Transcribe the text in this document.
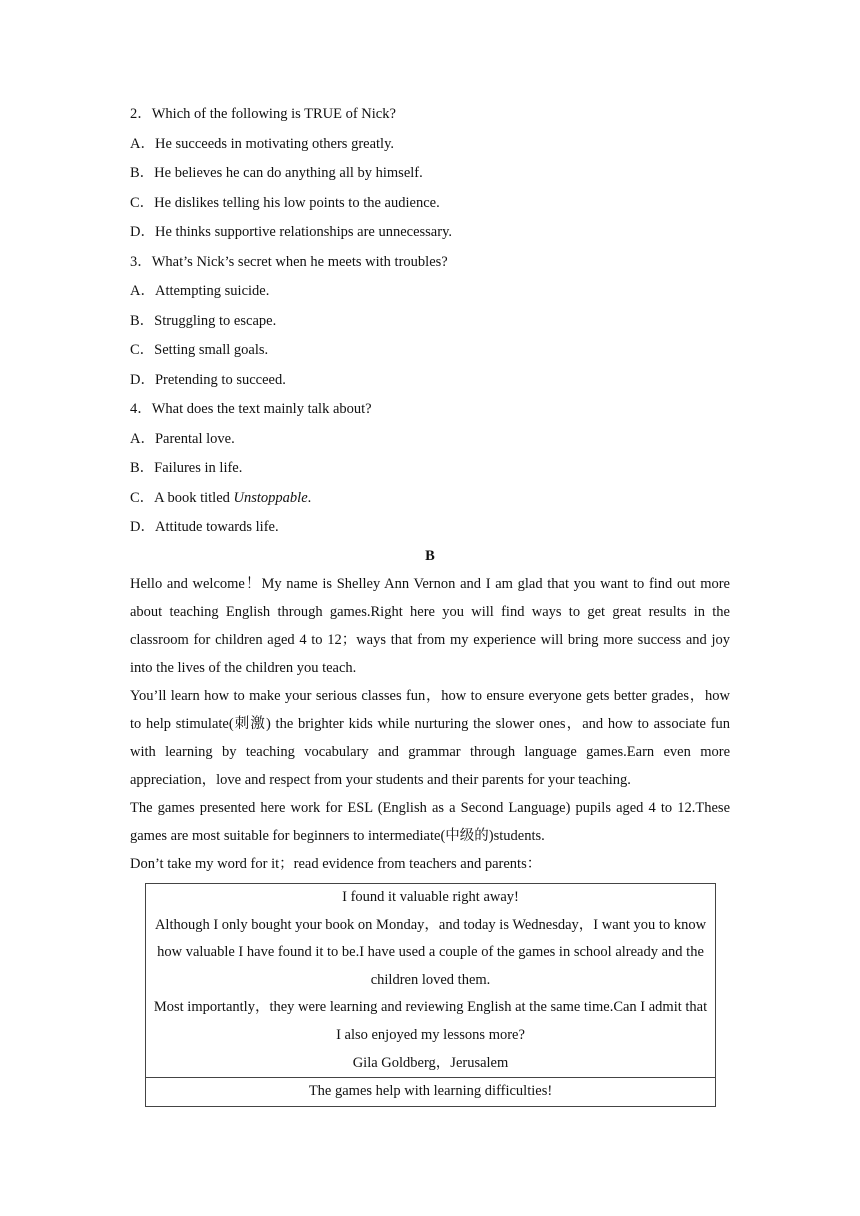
2．Which of the following is TRUE of Nick?
A．He succeeds in motivating others greatly.
B．He believes he can do anything all by himself.
C．He dislikes telling his low points to the audience.
D．He thinks supportive relationships are unnecessary.
3．What’s Nick’s secret when he meets with troubles?
A．Attempting suicide.
B．Struggling to escape.
C．Setting small goals.
D．Pretending to succeed.
4．What does the text mainly talk about?
A．Parental love.
B．Failures in life.
C．A book titled Unstoppable.
D．Attitude towards life.
B

Hello and welcome！My name is Shelley Ann Vernon and I am glad that you want to find out more about teaching English through games.Right here you will find ways to get great results in the classroom for children aged 4 to 12；ways that from my experience will bring more success and joy into the lives of the children you teach.

You’ll learn how to make your serious classes fun，how to ensure everyone gets better grades，how to help stimulate(刺激) the brighter kids while nurturing the slower ones，and how to associate fun with learning by teaching vocabulary and grammar through language games.Earn even more appreciation，love and respect from your students and their parents for your teaching.

The games presented here work for ESL (English as a Second Language) pupils aged 4 to 12.These games are most suitable for beginners to intermediate(中级的)students.

Don’t take my word for it；read evidence from teachers and parents：

I found it valuable right away!
Although I only bought your book on Monday，and today is Wednesday，I want you to know how valuable I have found it to be.I have used a couple of the games in school already and the children loved them.
Most importantly，they were learning and reviewing English at the same time.Can I admit that I also enjoyed my lessons more?
Gila Goldberg，Jerusalem
The games help with learning difficulties!
